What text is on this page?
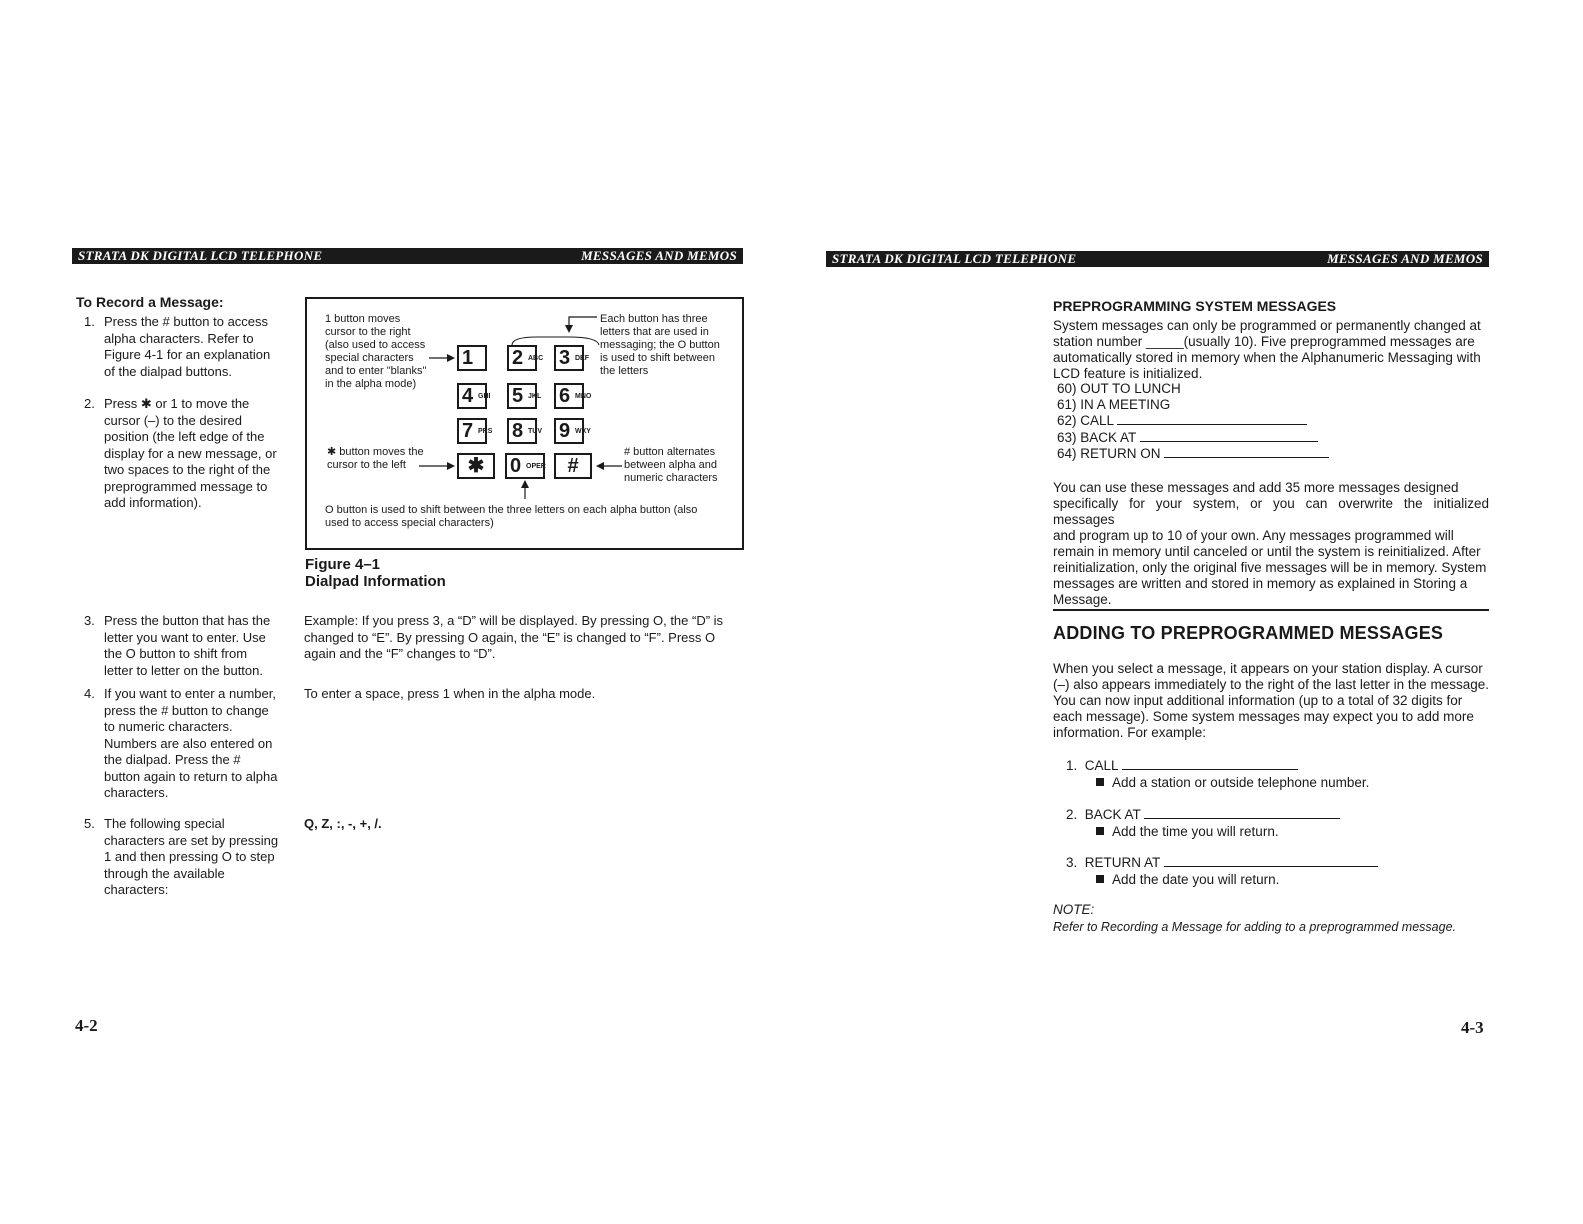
STRATA DK DIGITAL LCD TELEPHONE	MESSAGES AND MEMOS
To Record a Message:
1. Press the # button to access
alpha characters. Refer to
Figure 4-1 for an explanation
of the dialpad buttons.
2. Press ✱ or 1 to move the
cursor (–) to the desired
position (the left edge of the
display for a new message, or
two spaces to the right of the
preprogrammed message to
add information).
3. Press the button that has the
letter you want to enter. Use
the O button to shift from
letter to letter on the button.
4. If you want to enter a number,
press the # button to change
to numeric characters.
Numbers are also entered on
the dialpad. Press the #
button again to return to alpha
characters.
5. The following special
characters are set by pressing
1 and then pressing O to step
through the available
characters:
1 button moves
cursor to the right
(also used to access
special characters
and to enter "blanks"
in the alpha mode)
Each button has three
letters that are used in
messaging; the O button
is used to shift between
the letters
✱ button moves the
cursor to the left
# button alternates
between alpha and
numeric characters
O button is used to shift between the three letters on each alpha button (also
used to access special characters)
1 2 ABC 3 DEF
4 GHI 5 JKL 6 MNO
7 PRS 8 TUV 9 WXY
✱	0 OPER	#
Figure 4–1
Dialpad Information
Example: If you press 3, a “D” will be displayed. By pressing O, the “D” is
changed to “E”. By pressing O again, the “E” is changed to “F”. Press O
again and the “F” changes to “D”.
To enter a space, press 1 when in the alpha mode.
Q, Z, :, -, +, /.
4-2
STRATA DK DIGITAL LCD TELEPHONE	MESSAGES AND MEMOS
PREPROGRAMMING SYSTEM MESSAGES
System messages can only be programmed or permanently changed at
station number _____(usually 10). Five preprogrammed messages are
automatically stored in memory when the Alphanumeric Messaging with
LCD feature is initialized.
60) OUT TO LUNCH
61) IN A MEETING
62) CALL
63) BACK AT
64) RETURN ON
You can use these messages and add 35 more messages designed
specifically for your system, or you can overwrite the initialized messages
and program up to 10 of your own. Any messages programmed will
remain in memory until canceled or until the system is reinitialized. After
reinitialization, only the original five messages will be in memory. System
messages are written and stored in memory as explained in Storing a
Message.
ADDING TO PREPROGRAMMED MESSAGES
When you select a message, it appears on your station display. A cursor
(–) also appears immediately to the right of the last letter in the message.
You can now input additional information (up to a total of 32 digits for
each message). Some system messages may expect you to add more
information. For example:
1. CALL
Add a station or outside telephone number.
2. BACK AT
Add the time you will return.
3. RETURN AT
Add the date you will return.
NOTE:
Refer to Recording a Message for adding to a preprogrammed message.
4-3
